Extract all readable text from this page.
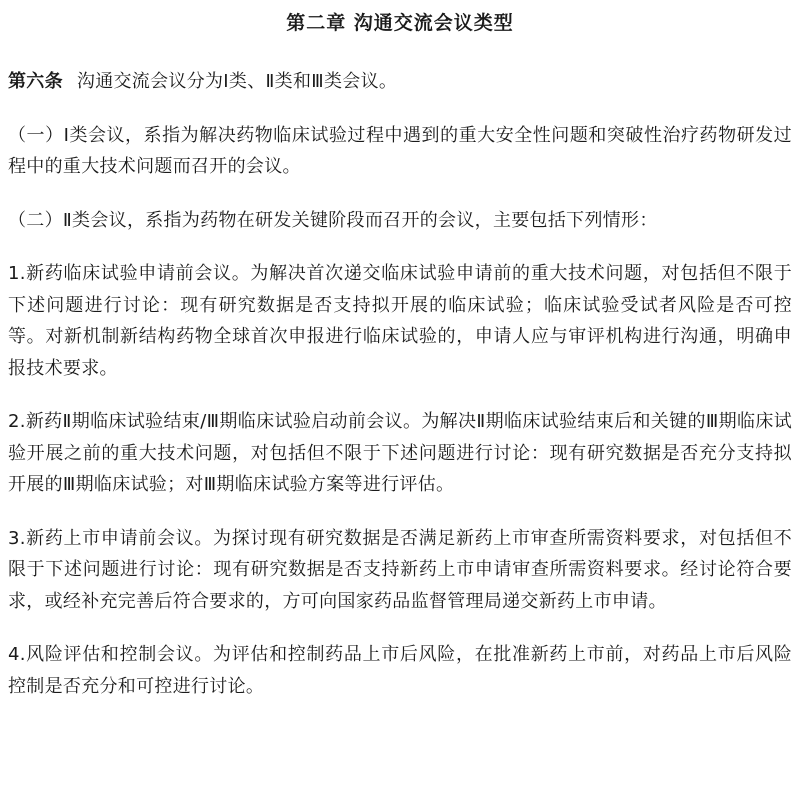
第二章 沟通交流会议类型

第六条 沟通交流会议分为Ⅰ类、Ⅱ类和Ⅲ类会议。

（一）Ⅰ类会议，系指为解决药物临床试验过程中遇到的重大安全性问题和突破性治疗药物研发过程中的重大技术问题而召开的会议。

（二）Ⅱ类会议，系指为药物在研发关键阶段而召开的会议，主要包括下列情形：

1.新药临床试验申请前会议。为解决首次递交临床试验申请前的重大技术问题，对包括但不限于下述问题进行讨论：现有研究数据是否支持拟开展的临床试验；临床试验受试者风险是否可控等。对新机制新结构药物全球首次申报进行临床试验的，申请人应与审评机构进行沟通，明确申报技术要求。

2.新药Ⅱ期临床试验结束/Ⅲ期临床试验启动前会议。为解决Ⅱ期临床试验结束后和关键的Ⅲ期临床试验开展之前的重大技术问题，对包括但不限于下述问题进行讨论：现有研究数据是否充分支持拟开展的Ⅲ期临床试验；对Ⅲ期临床试验方案等进行评估。

3.新药上市申请前会议。为探讨现有研究数据是否满足新药上市审查所需资料要求，对包括但不限于下述问题进行讨论：现有研究数据是否支持新药上市申请审查所需资料要求。经讨论符合要求，或经补充完善后符合要求的，方可向国家药品监督管理局递交新药上市申请。

4.风险评估和控制会议。为评估和控制药品上市后风险，在批准新药上市前，对药品上市后风险控制是否充分和可控进行讨论。
